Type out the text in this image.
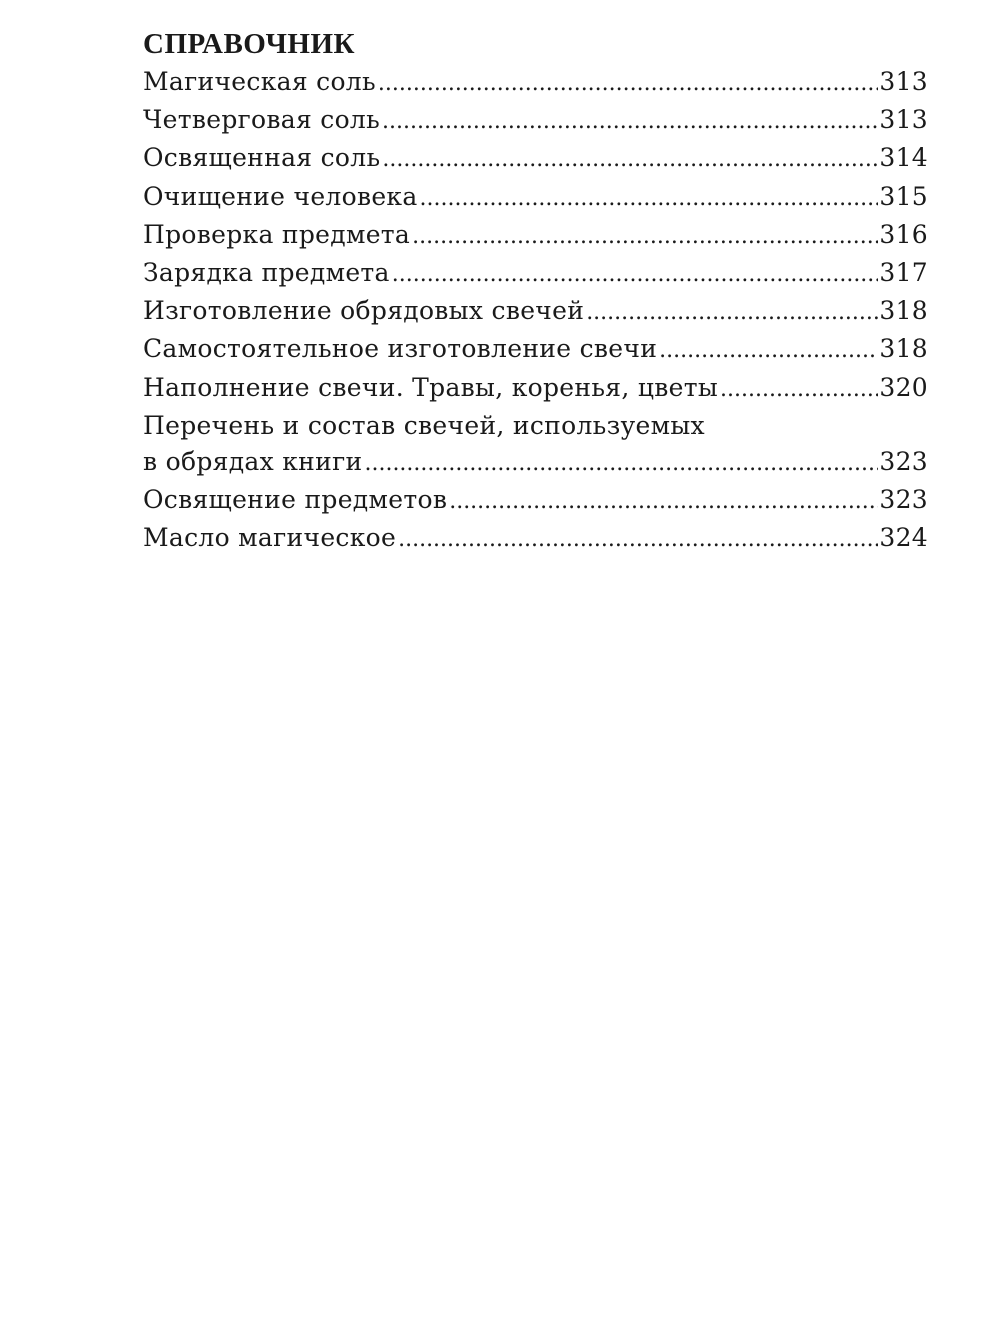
СПРАВОЧНИК
Магическая соль .....	313
Четверговая соль .....	313
Освященная соль .....	314
Очищение человека .....	315
Проверка предмета .....	316
Зарядка предмета .....	317
Изготовление обрядовых свечей .....	318
Самостоятельное изготовление свечи .....	318
Наполнение свечи. Травы, коренья, цветы .....	320
Перечень и состав свечей, используемых
в обрядах книги .....	323
Освящение предметов .....	323
Масло магическое .....	324
